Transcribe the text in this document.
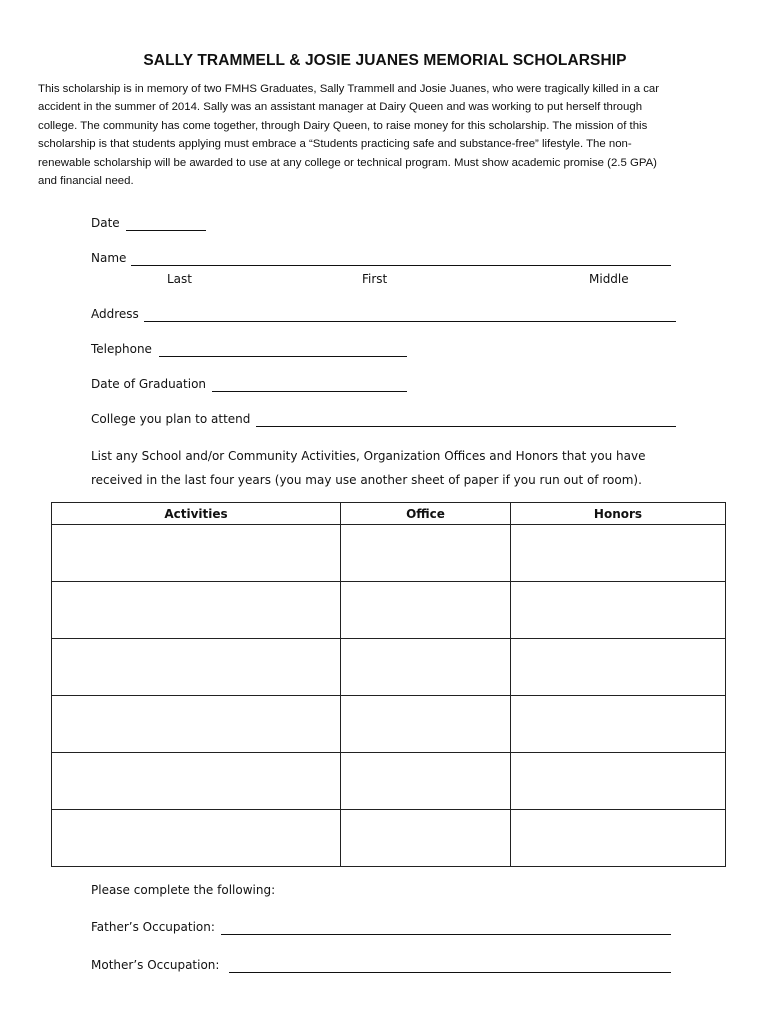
SALLY TRAMMELL & JOSIE JUANES MEMORIAL SCHOLARSHIP
This scholarship is in memory of two FMHS Graduates, Sally Trammell and Josie Juanes, who were tragically killed in a car
accident in the summer of 2014. Sally was an assistant manager at Dairy Queen and was working to put herself through
college. The community has come together, through Dairy Queen, to raise money for this scholarship. The mission of this
scholarship is that students applying must embrace a “Students practicing safe and substance-free” lifestyle. The non-
renewable scholarship will be awarded to use at any college or technical program. Must show academic promise (2.5 GPA)
and financial need.
Date
Name
Last	First	Middle
Address
Telephone
Date of Graduation
College you plan to attend
List any School and/or Community Activities, Organization Offices and Honors that you have
received in the last four years (you may use another sheet of paper if you run out of room).
Activities	Office	Honors

Please complete the following:
Father’s Occupation:
Mother’s Occupation:
